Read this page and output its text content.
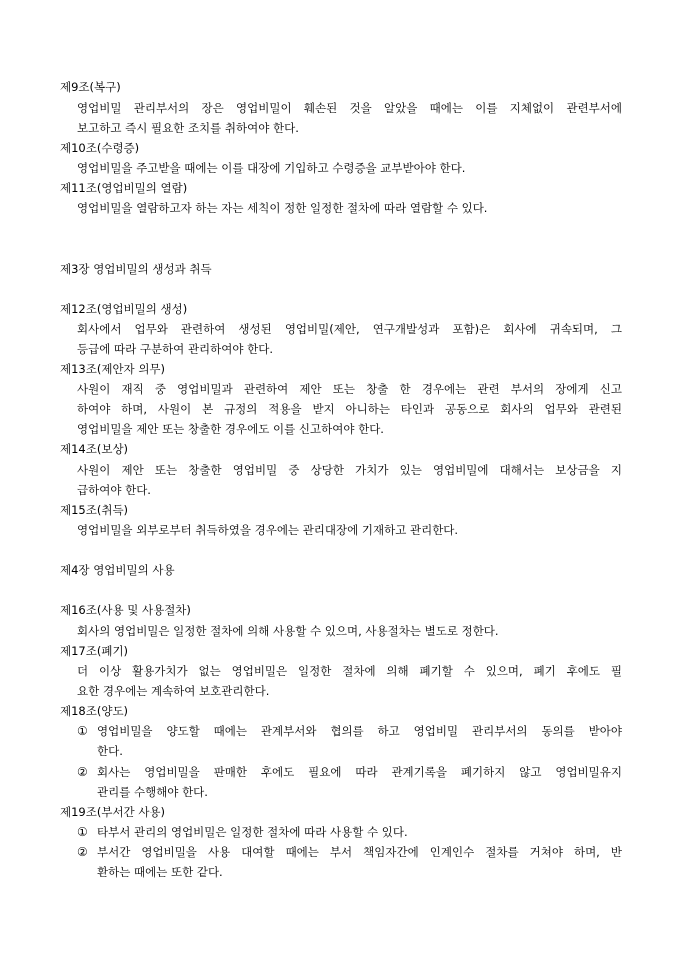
제9조(복구)
영업비밀 관리부서의 장은 영업비밀이 훼손된 것을 알았을 때에는 이를 지체없이 관련부서에
보고하고 즉시 필요한 조치를 취하여야 한다.
제10조(수령증)
영업비밀을 주고받을 때에는 이를 대장에 기입하고 수령증을 교부받아야 한다.
제11조(영업비밀의 열람)
영업비밀을 열람하고자 하는 자는 세칙이 정한 일정한 절차에 따라 열람할 수 있다.
제3장 영업비밀의 생성과 취득
제12조(영업비밀의 생성)
회사에서 업무와 관련하여 생성된 영업비밀(제안, 연구개발성과 포함)은 회사에 귀속되며, 그
등급에 따라 구분하여 관리하여야 한다.
제13조(제안자 의무)
사원이 재직 중 영업비밀과 관련하여 제안 또는 창출 한 경우에는 관련 부서의 장에게 신고
하여야 하며, 사원이 본 규정의 적용을 받지 아니하는 타인과 공동으로 회사의 업무와 관련된
영업비밀을 제안 또는 창출한 경우에도 이를 신고하여야 한다.
제14조(보상)
사원이 제안 또는 창출한 영업비밀 중 상당한 가치가 있는 영업비밀에 대해서는 보상금을 지
급하여야 한다.
제15조(취득)
영업비밀을 외부로부터 취득하였을 경우에는 관리대장에 기재하고 관리한다.
제4장 영업비밀의 사용
제16조(사용 및 사용절차)
회사의 영업비밀은 일정한 절차에 의해 사용할 수 있으며, 사용절차는 별도로 정한다.
제17조(폐기)
더 이상 활용가치가 없는 영업비밀은 일정한 절차에 의해 폐기할 수 있으며, 폐기 후에도 필
요한 경우에는 계속하여 보호관리한다.
제18조(양도)
① 영업비밀을 양도할 때에는 관계부서와 협의를 하고 영업비밀 관리부서의 동의를 받아야
한다.
② 회사는 영업비밀을 판매한 후에도 필요에 따라 관계기록을 폐기하지 않고 영업비밀유지
관리를 수행해야 한다.
제19조(부서간 사용)
① 타부서 관리의 영업비밀은 일정한 절차에 따라 사용할 수 있다.
② 부서간 영업비밀을 사용 대여할 때에는 부서 책임자간에 인계인수 절차를 거쳐야 하며, 반
환하는 때에는 또한 같다.
